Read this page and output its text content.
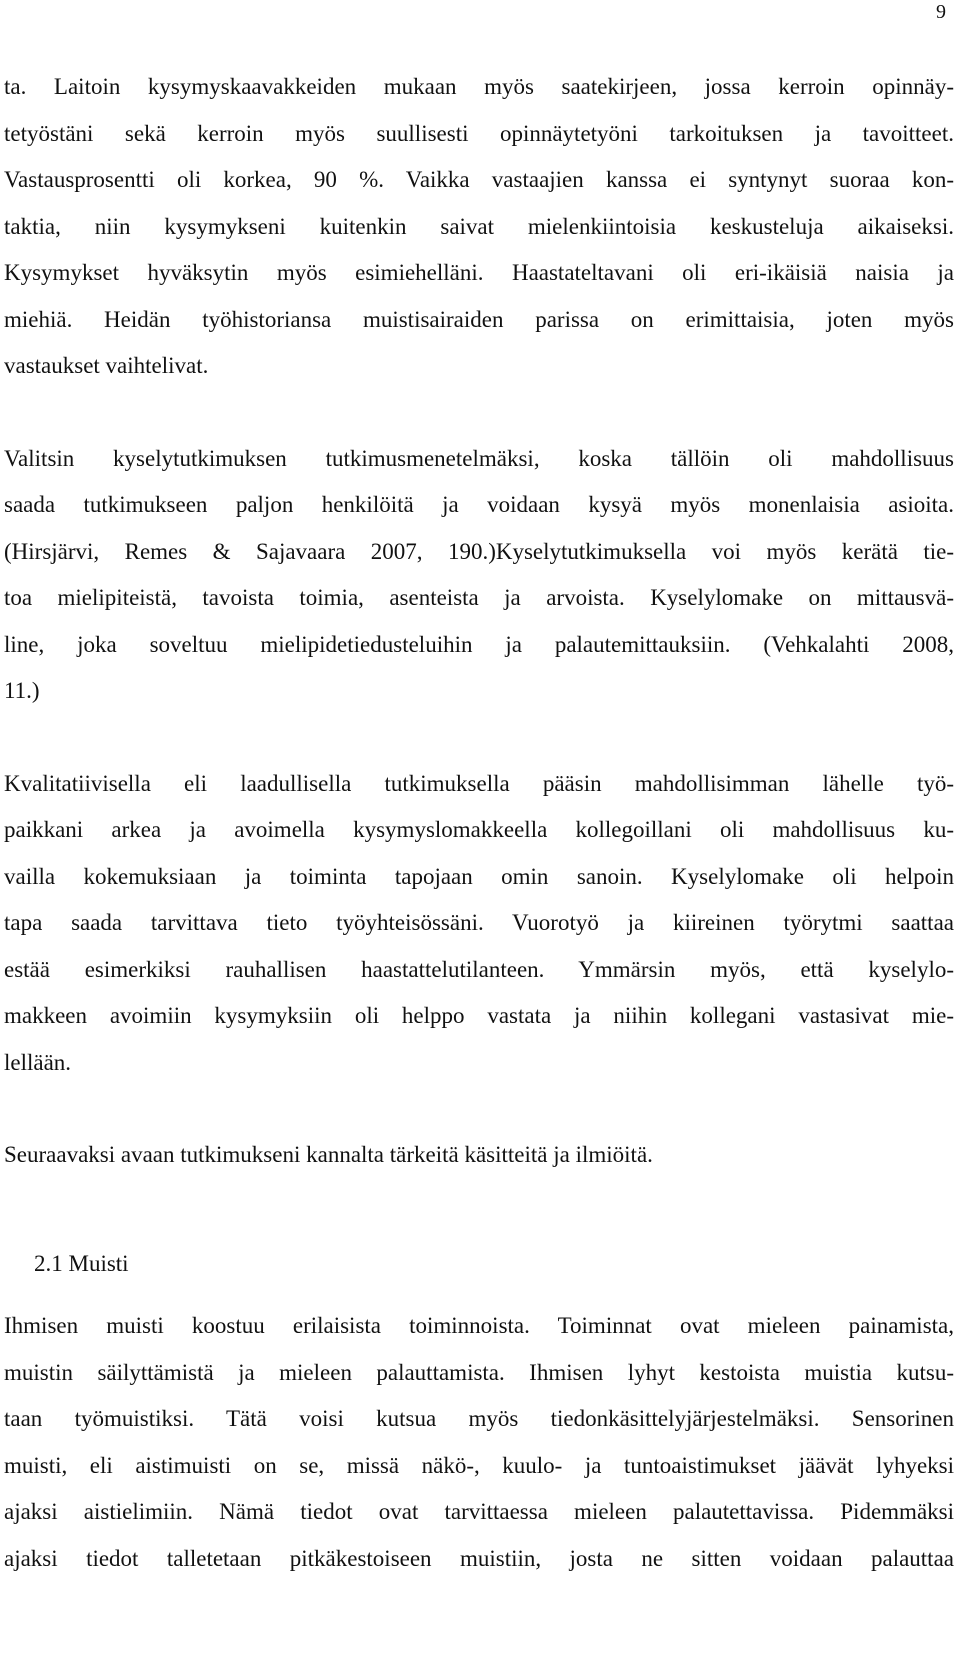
9

ta. Laitoin kysymyskaavakkeiden mukaan myös saatekirjeen, jossa kerroin opinnäy-
tetyöstäni sekä kerroin myös suullisesti opinnäytetyöni tarkoituksen ja tavoitteet.
Vastausprosentti oli korkea, 90 %. Vaikka vastaajien kanssa ei syntynyt suoraa kon-
taktia, niin kysymykseni kuitenkin saivat mielenkiintoisia keskusteluja aikaiseksi.
Kysymykset hyväksytin myös esimiehelläni. Haastateltavani oli eri-ikäisiä naisia ja
miehiä. Heidän työhistoriansa muistisairaiden parissa on erimittaisia, joten myös
vastaukset vaihtelivat.

Valitsin kyselytutkimuksen tutkimusmenetelmäksi, koska tällöin oli mahdollisuus
saada tutkimukseen paljon henkilöitä ja voidaan kysyä myös monenlaisia asioita.
(Hirsjärvi, Remes & Sajavaara 2007, 190.)Kyselytutkimuksella voi myös kerätä tie-
toa mielipiteistä, tavoista toimia, asenteista ja arvoista. Kyselylomake on mittausvä-
line, joka soveltuu mielipidetiedusteluihin ja palautemittauksiin. (Vehkalahti 2008,
11.)

Kvalitatiivisella eli laadullisella tutkimuksella pääsin mahdollisimman lähelle työ-
paikkani arkea ja avoimella kysymyslomakkeella kollegoillani oli mahdollisuus ku-
vailla kokemuksiaan ja toiminta tapojaan omin sanoin. Kyselylomake oli helpoin
tapa saada tarvittava tieto työyhteisössäni. Vuorotyö ja kiireinen työrytmi saattaa
estää esimerkiksi rauhallisen haastattelutilanteen. Ymmärsin myös, että kyselylo-
makkeen avoimiin kysymyksiin oli helppo vastata ja niihin kollegani vastasivat mie-
lellään.

Seuraavaksi avaan tutkimukseni kannalta tärkeitä käsitteitä ja ilmiöitä.

2.1 Muisti

Ihmisen muisti koostuu erilaisista toiminnoista. Toiminnat ovat mieleen painamista,
muistin säilyttämistä ja mieleen palauttamista. Ihmisen lyhyt kestoista muistia kutsu-
taan työmuistiksi. Tätä voisi kutsua myös tiedonkäsittelyjärjestelmäksi. Sensorinen
muisti, eli aistimuisti on se, missä näkö-, kuulo- ja tuntoaistimukset jäävät lyhyeksi
ajaksi aistielimiin. Nämä tiedot ovat tarvittaessa mieleen palautettavissa. Pidemmäksi
ajaksi tiedot talletetaan pitkäkestoiseen muistiin, josta ne sitten voidaan palauttaa
